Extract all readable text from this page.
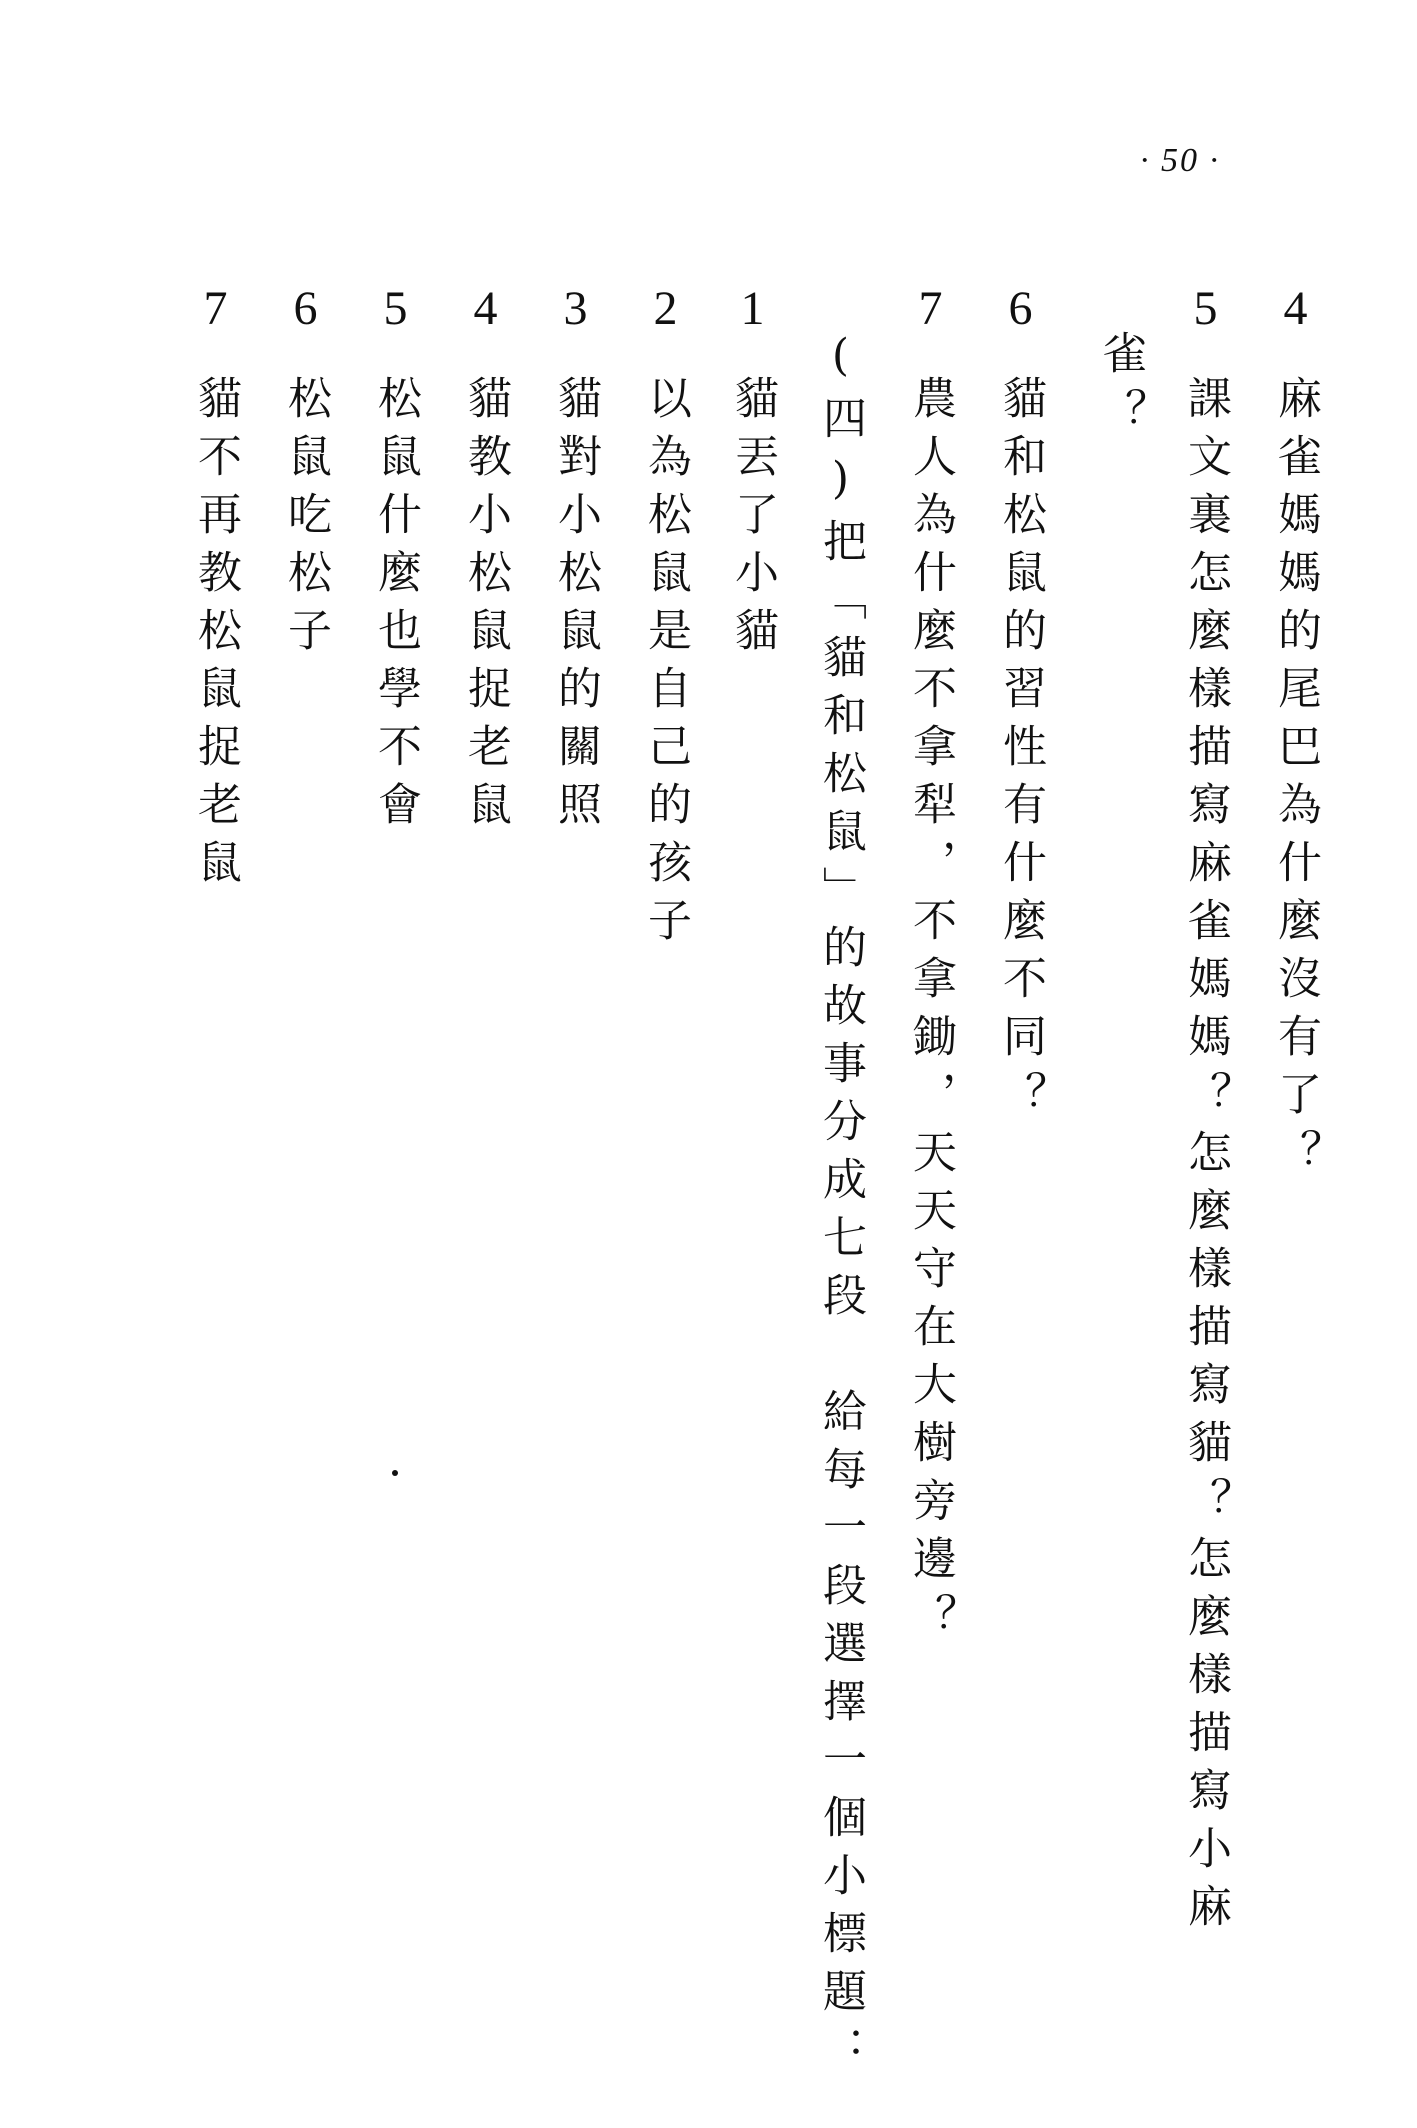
· 50 ·
4麻雀媽媽的尾巴為什麼沒有了？
5課文裏怎麼樣描寫麻雀媽媽？怎麼樣描寫貓？怎麼樣描寫小麻
雀？
6貓和松鼠的習性有什麼不同？
7農人為什麼不拿犁，不拿鋤，天天守在大樹旁邊？
(四)把「貓和松鼠」的故事分成七段　給每一段選擇一個小標題：
1貓丟了小貓
2以為松鼠是自己的孩子
3貓對小松鼠的關照
4貓教小松鼠捉老鼠
5松鼠什麼也學不會
6松鼠吃松子
7貓不再教松鼠捉老鼠
